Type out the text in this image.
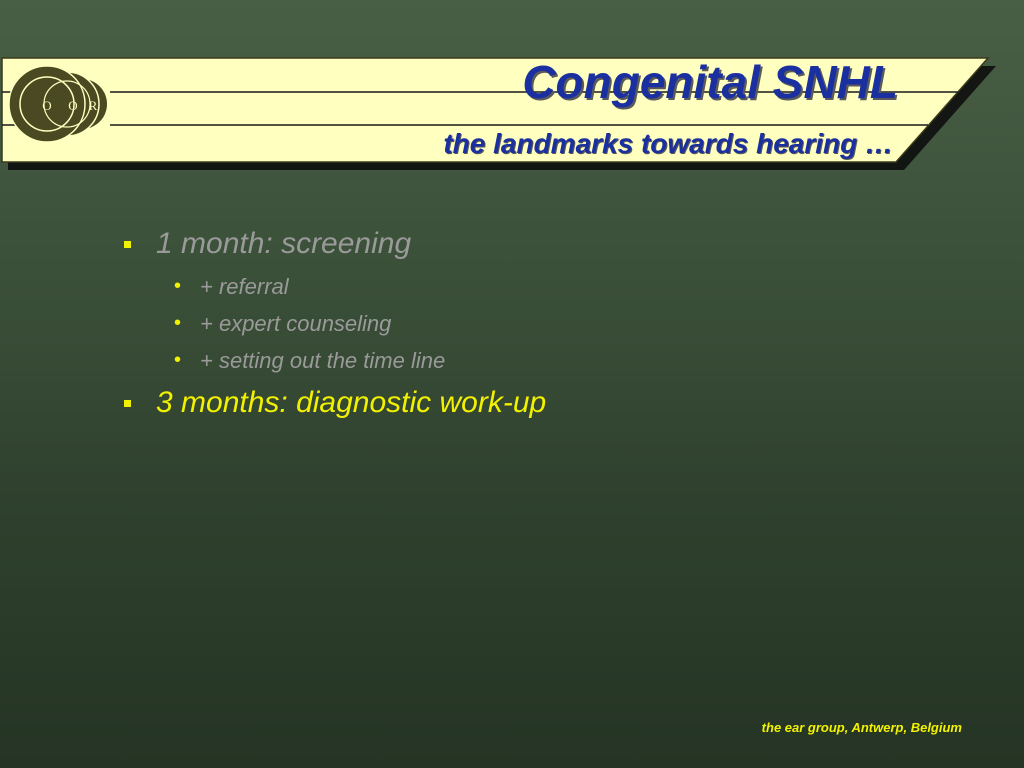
O O R	Congenital SNHL
the landmarks towards hearing …
1 month: screening
• + referral
• + expert counseling
• + setting out the time line
3 months: diagnostic work-up
the ear group, Antwerp, Belgium
